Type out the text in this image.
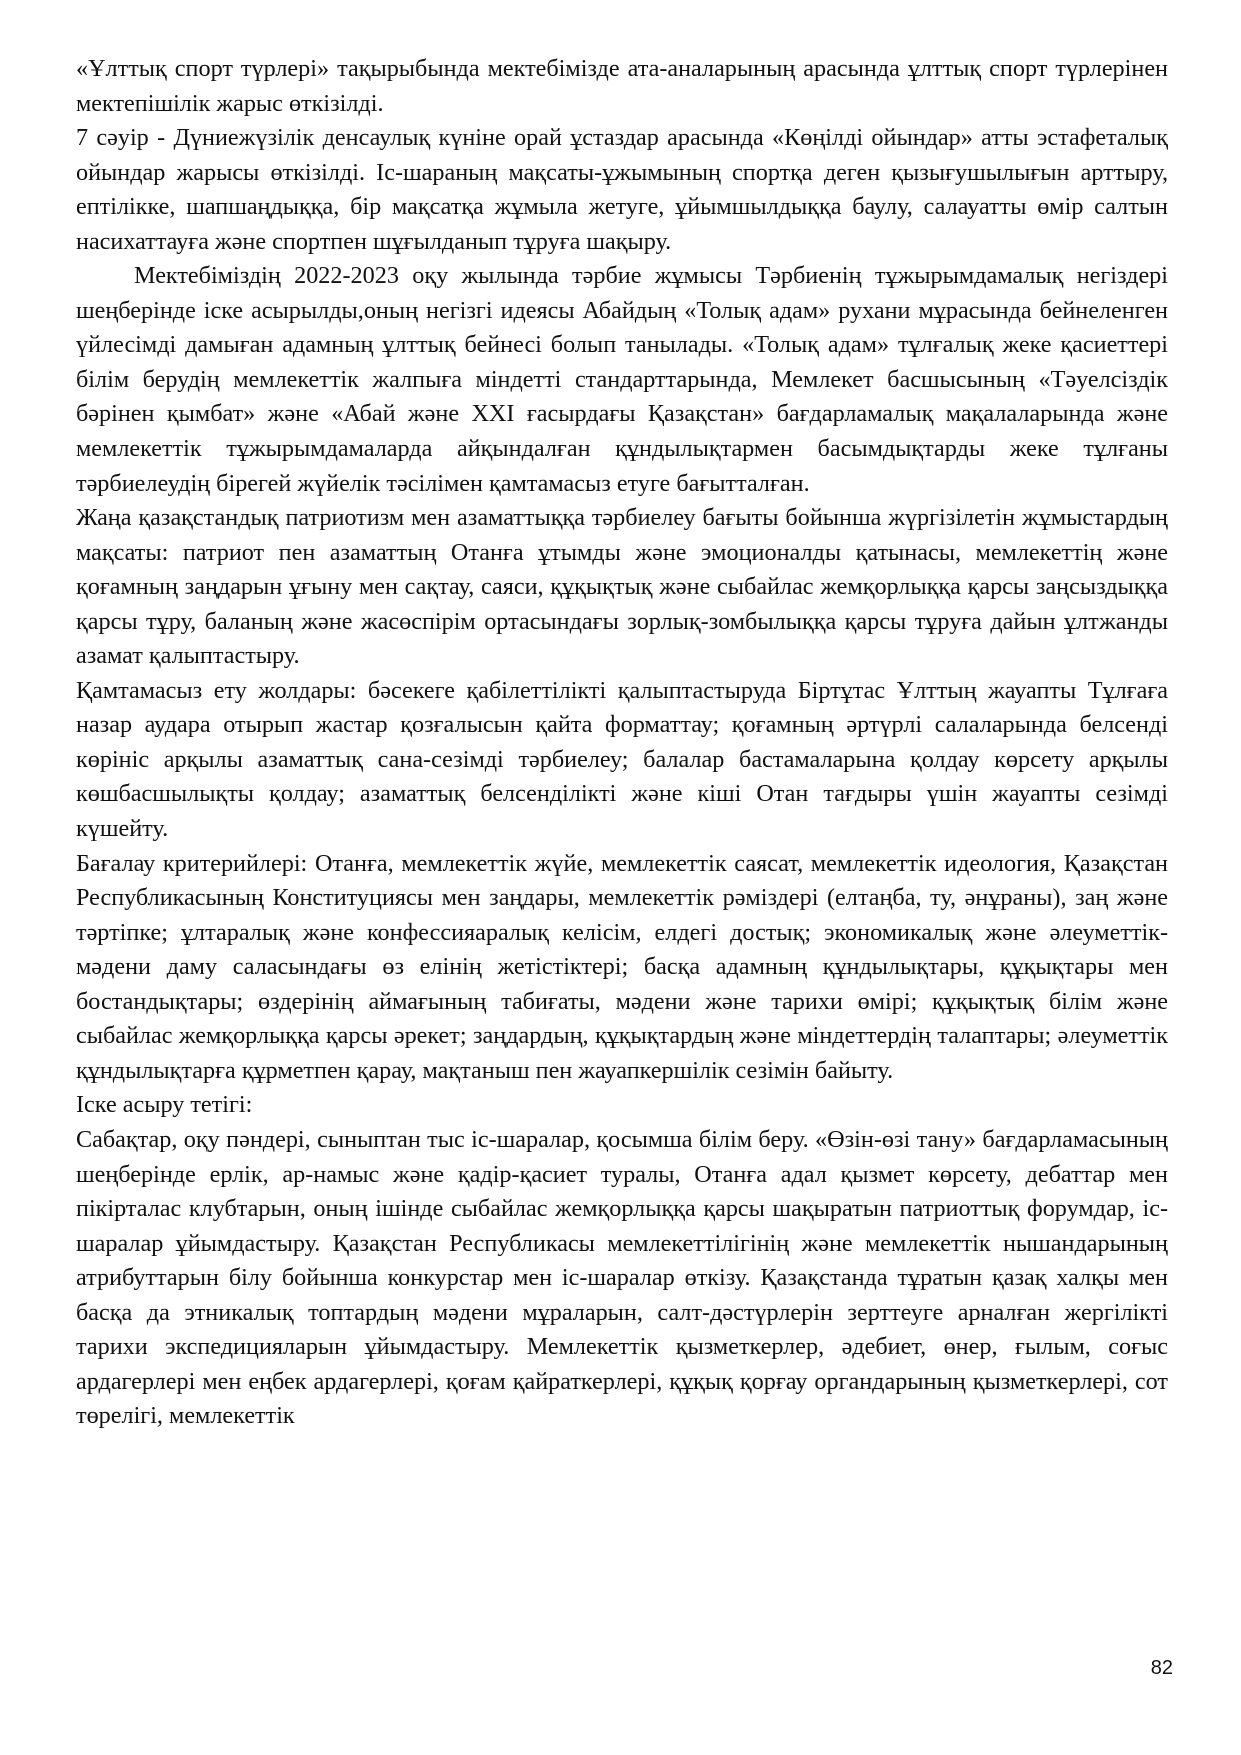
«Ұлттық спорт түрлері» тақырыбында мектебімізде ата-аналарының арасында ұлттық спорт түрлерінен мектепішілік жарыс өткізілді.

7 сәуір - Дүниежүзілік денсаулық күніне орай ұстаздар арасында «Көңілді ойындар» атты эстафеталық ойындар жарысы өткізілді. Іс-шараның мақсаты-ұжымының спортқа деген қызығушылығын арттыру, ептілікке, шапшаңдыққа, бір мақсатқа жұмыла жетуге, ұйымшылдыққа баулу, салауатты өмір салтын насихаттауға және спортпен шұғылданып тұруға шақыру.

Мектебіміздің 2022-2023 оқу жылында тәрбие жұмысы Тәрбиенің тұжырымдамалық негіздері шеңберінде іске асырылды,оның негізгі идеясы Абайдың «Толық адам» рухани мұрасында бейнеленген үйлесімді дамыған адамның ұлттық бейнесі болып танылады. «Толық адам» тұлғалық жеке қасиеттері білім берудің мемлекеттік жалпыға міндетті стандарттарында, Мемлекет басшысының «Тәуелсіздік бәрінен қымбат» және «Абай және XXI ғасырдағы Қазақстан» бағдарламалық мақалаларында және мемлекеттік тұжырымдамаларда айқындалған құндылықтармен басымдықтарды жеке тұлғаны тәрбиелеудің бірегей жүйелік тәсілімен қамтамасыз етуге бағытталған.

Жаңа қазақстандық патриотизм мен азаматтыққа тәрбиелеу бағыты бойынша жүргізілетін жұмыстардың мақсаты: патриот пен азаматтың Отанға ұтымды және эмоционалды қатынасы, мемлекеттің және қоғамның заңдарын ұғыну мен сақтау, саяси, құқықтық және сыбайлас жемқорлыққа қарсы заңсыздыққа қарсы тұру, баланың және жасөспірім ортасындағы зорлық-зомбылыққа қарсы тұруға дайын ұлтжанды азамат қалыптастыру.

Қамтамасыз ету жолдары: бәсекеге қабілеттілікті қалыптастыруда Біртұтас Ұлттың жауапты Тұлғаға назар аудара отырып жастар қозғалысын қайта форматтау; қоғамның әртүрлі салаларында белсенді көрініс арқылы азаматтық сана-сезімді тәрбиелеу; балалар бастамаларына қолдау көрсету арқылы көшбасшылықты қолдау; азаматтық белсенділікті және кіші Отан тағдыры үшін жауапты сезімді күшейту.

Бағалау критерийлері: Отанға, мемлекеттік жүйе, мемлекеттік саясат, мемлекеттік идеология, Қазақстан Республикасының Конституциясы мен заңдары, мемлекеттік рәміздері (елтаңба, ту, әнұраны), заң және тәртіпке; ұлтаралық және конфессияаралық келісім, елдегі достық; экономикалық және әлеуметтік-мәдени даму саласындағы өз елінің жетістіктері; басқа адамның құндылықтары, құқықтары мен бостандықтары; өздерінің аймағының табиғаты, мәдени және тарихи өмірі; құқықтық білім және сыбайлас жемқорлыққа қарсы әрекет; заңдардың, құқықтардың және міндеттердің талаптары; әлеуметтік құндылықтарға құрметпен қарау, мақтаныш пен жауапкершілік сезімін байыту.

Іске асыру тетігі:

Сабақтар, оқу пәндері, сыныптан тыс іс-шаралар, қосымша білім беру. «Өзін-өзі тану» бағдарламасының шеңберінде ерлік, ар-намыс және қадір-қасиет туралы, Отанға адал қызмет көрсету, дебаттар мен пікірталас клубтарын, оның ішінде сыбайлас жемқорлыққа қарсы шақыратын патриоттық форумдар, іс-шаралар ұйымдастыру. Қазақстан Республикасы мемлекеттілігінің және мемлекеттік нышандарының атрибуттарын білу бойынша конкурстар мен іс-шаралар өткізу. Қазақстанда тұратын қазақ халқы мен басқа да этникалық топтардың мәдени мұраларын, салт-дәстүрлерін зерттеуге арналған жергілікті тарихи экспедицияларын ұйымдастыру. Мемлекеттік қызметкерлер, әдебиет, өнер, ғылым, соғыс ардагерлері мен еңбек ардагерлері, қоғам қайраткерлері, құқық қорғау органдарының қызметкерлері, сот төрелігі, мемлекеттік

82
